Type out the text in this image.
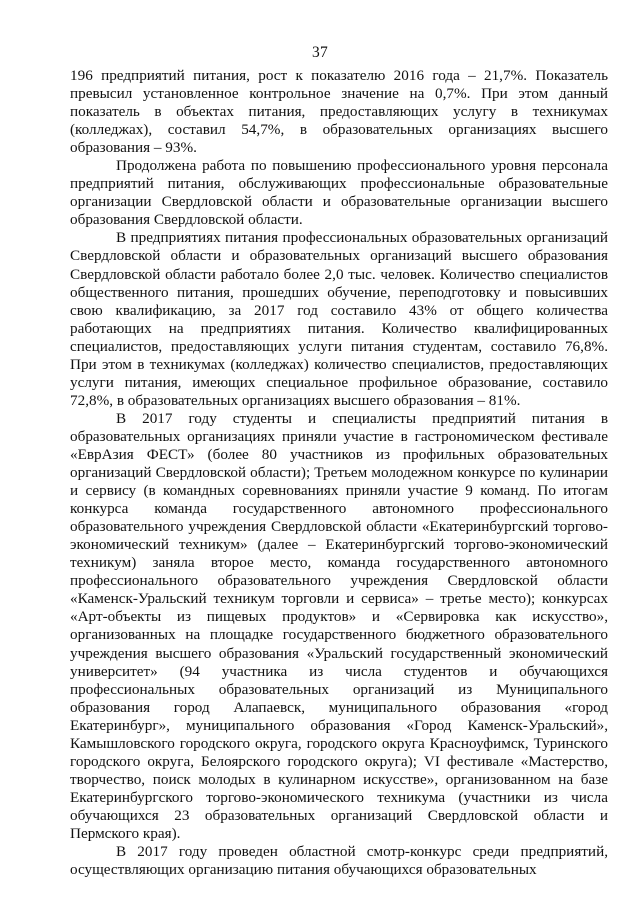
37

196 предприятий питания, рост к показателю 2016 года – 21,7%. Показатель превысил установленное контрольное значение на 0,7%. При этом данный показатель в объектах питания, предоставляющих услугу в техникумах (колледжах), составил 54,7%, в образовательных организациях высшего образования – 93%.

Продолжена работа по повышению профессионального уровня персонала предприятий питания, обслуживающих профессиональные образовательные организации Свердловской области и образовательные организации высшего образования Свердловской области.

В предприятиях питания профессиональных образовательных организаций Свердловской области и образовательных организаций высшего образования Свердловской области работало более 2,0 тыс. человек. Количество специалистов общественного питания, прошедших обучение, переподготовку и повысивших свою квалификацию, за 2017 год составило 43% от общего количества работающих на предприятиях питания. Количество квалифицированных специалистов, предоставляющих услуги питания студентам, составило 76,8%. При этом в техникумах (колледжах) количество специалистов, предоставляющих услуги питания, имеющих специальное профильное образование, составило 72,8%, в образовательных организациях высшего образования – 81%.

В 2017 году студенты и специалисты предприятий питания в образовательных организациях приняли участие в гастрономическом фестивале «ЕврАзия ФЕСТ» (более 80 участников из профильных образовательных организаций Свердловской области); Третьем молодежном конкурсе по кулинарии и сервису (в командных соревнованиях приняли участие 9 команд. По итогам конкурса команда государственного автономного профессионального образовательного учреждения Свердловской области «Екатеринбургский торгово-экономический техникум» (далее – Екатеринбургский торгово-экономический техникум) заняла второе место, команда государственного автономного профессионального образовательного учреждения Свердловской области «Каменск-Уральский техникум торговли и сервиса» – третье место); конкурсах «Арт-объекты из пищевых продуктов» и «Сервировка как искусство», организованных на площадке государственного бюджетного образовательного учреждения высшего образования «Уральский государственный экономический университет» (94 участника из числа студентов и обучающихся профессиональных образовательных организаций из Муниципального образования город Алапаевск, муниципального образования «город Екатеринбург», муниципального образования «Город Каменск-Уральский», Камышловского городского округа, городского округа Красноуфимск, Туринского городского округа, Белоярского городского округа); VI фестивале «Мастерство, творчество, поиск молодых в кулинарном искусстве», организованном на базе Екатеринбургского торгово-экономического техникума (участники из числа обучающихся 23 образовательных организаций Свердловской области и Пермского края).

В 2017 году проведен областной смотр-конкурс среди предприятий, осуществляющих организацию питания обучающихся образовательных
